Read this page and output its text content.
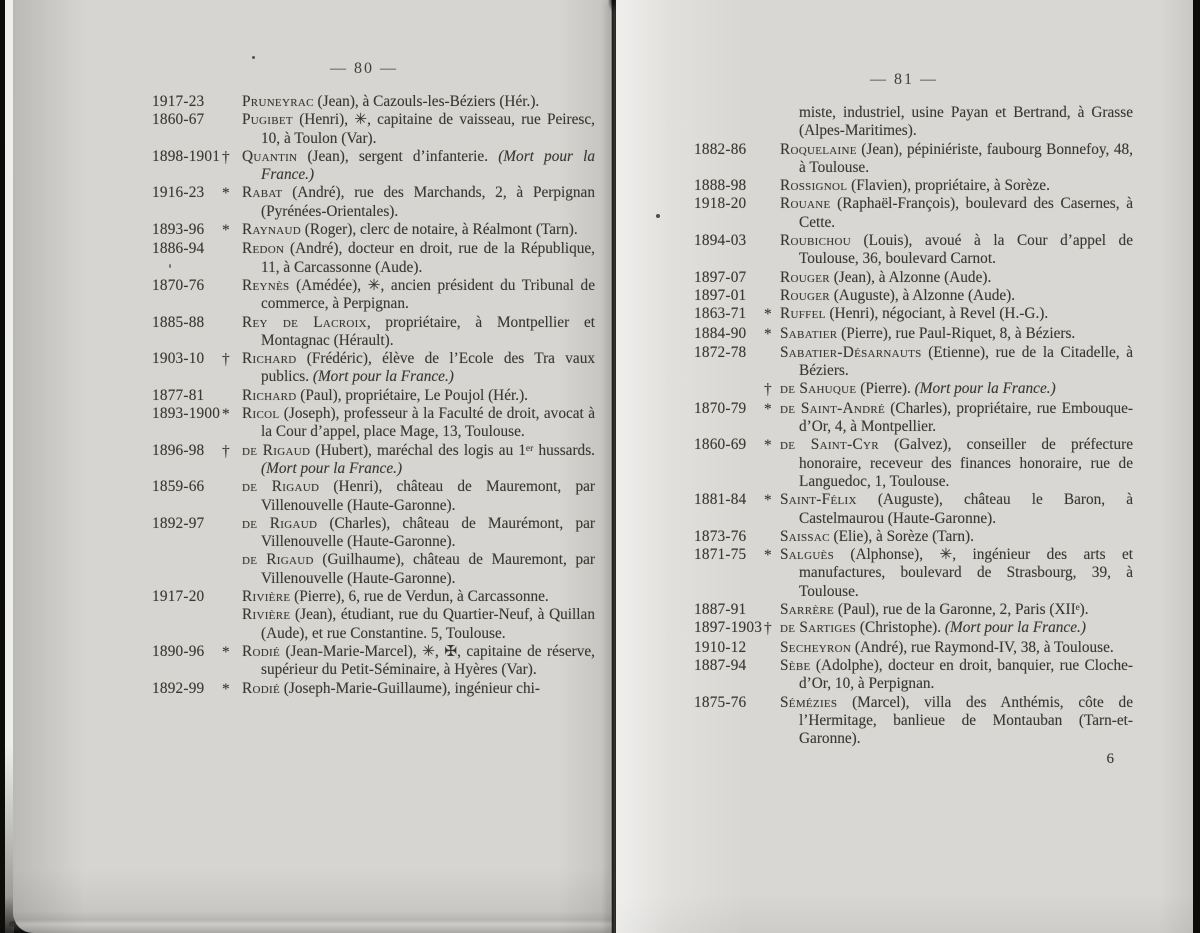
— 80 —
1917-23	Pruneyrac (Jean), à Cazouls-les-Béziers (Hér.).
1860-67	Pugibet (Henri), ✳, capitaine de vaisseau, rue Peiresc, 10, à Toulon (Var).
1898-1901 † Quantin (Jean), sergent d’infanterie. (Mort pour la France.)
1916-23	* Rabat (André), rue des Marchands, 2, à Perpignan (Pyrénées-Orientales).
1893-96	* Raynaud (Roger), clerc de notaire, à Réalmont (Tarn).
1886-94	Redon (André), docteur en droit, rue de la République, 11, à Carcassonne (Aude).
1870-76	Reynès (Amédée), ✳, ancien président du Tribunal de commerce, à Perpignan.
1885-88	Rey de Lacroix, propriétaire, à Montpellier et Montagnac (Hérault).
1903-10	† Richard (Frédéric), élève de l’Ecole des Tra vaux publics. (Mort pour la France.)
1877-81	Richard (Paul), propriétaire, Le Poujol (Hér.).
1893-1900 * Ricol (Joseph), professeur à la Faculté de droit, avocat à la Cour d’appel, place Mage, 13, Toulouse.
1896-98	† de Rigaud (Hubert), maréchal des logis au 1ᵉʳ hussards. (Mort pour la France.)
1859-66	de Rigaud (Henri), château de Mauremont, par Villenouvelle (Haute-Garonne).
1892-97	de Rigaud (Charles), château de Maurémont, par Villenouvelle (Haute-Garonne).
de Rigaud (Guilhaume), château de Mauremont, par Villenouvelle (Haute-Garonne).
1917-20	Rivière (Pierre), 6, rue de Verdun, à Carcassonne.
Rivière (Jean), étudiant, rue du Quartier-Neuf, à Quillan (Aude), et rue Constantine. 5, Toulouse.
1890-96	* Rodié (Jean-Marie-Marcel), ✳, ✠, capitaine de réserve, supérieur du Petit-Séminaire, à Hyères (Var).
1892-99	* Rodié (Joseph-Marie-Guillaume), ingénieur chi-
— 81 —
miste, industriel, usine Payan et Bertrand, à Grasse (Alpes-Maritimes).
1882-86	Roquelaine (Jean), pépiniériste, faubourg Bonnefoy, 48, à Toulouse.
1888-98	Rossignol (Flavien), propriétaire, à Sorèze.
1918-20	Rouane (Raphaël-François), boulevard des Casernes, à Cette.
1894-03	Roubichou (Louis), avoué à la Cour d’appel de Toulouse, 36, boulevard Carnot.
1897-07	Rouger (Jean), à Alzonne (Aude).
1897-01	Rouger (Auguste), à Alzonne (Aude).
1863-71	* Ruffel (Henri), négociant, à Revel (H.-G.).
1884-90	* Sabatier (Pierre), rue Paul-Riquet, 8, à Béziers.
1872-78	Sabatier-Désarnauts (Etienne), rue de la Citadelle, à Béziers.
† de Sahuque (Pierre). (Mort pour la France.)
1870-79	* de Saint-André (Charles), propriétaire, rue Embouque-d’Or, 4, à Montpellier.
1860-69	* de Saint-Cyr (Galvez), conseiller de préfecture honoraire, receveur des finances honoraire, rue de Languedoc, 1, Toulouse.
1881-84	* Saint-Félix (Auguste), château le Baron, à Castelmaurou (Haute-Garonne).
1873-76	Saissac (Elie), à Sorèze (Tarn).
1871-75	* Salguès (Alphonse), ✳, ingénieur des arts et manufactures, boulevard de Strasbourg, 39, à Toulouse.
1887-91	Sarrère (Paul), rue de la Garonne, 2, Paris (XIIᵉ).
1897-1903 † de Sartiges (Christophe). (Mort pour la France.)
1910-12	Secheyron (André), rue Raymond-IV, 38, à Toulouse.
1887-94	Sèbe (Adolphe), docteur en droit, banquier, rue Cloche-d’Or, 10, à Perpignan.
1875-76	Sémézies (Marcel), villa des Anthémis, côte de l’Hermitage, banlieue de Montauban (Tarn-et-Garonne).
6
